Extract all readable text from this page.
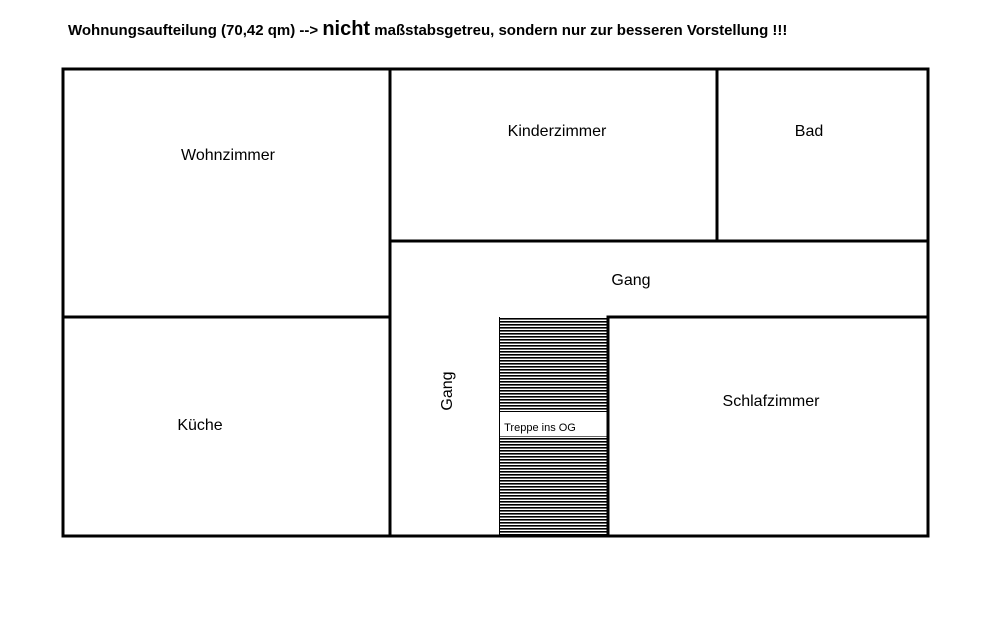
Wohnungsaufteilung (70,42 qm) --> nicht maßstabsgetreu, sondern nur zur besseren Vorstellung !!!
Wohnzimmer
Küche
Kinderzimmer	Bad
Gang
Gang	Schlafzimmer
Treppe ins OG
